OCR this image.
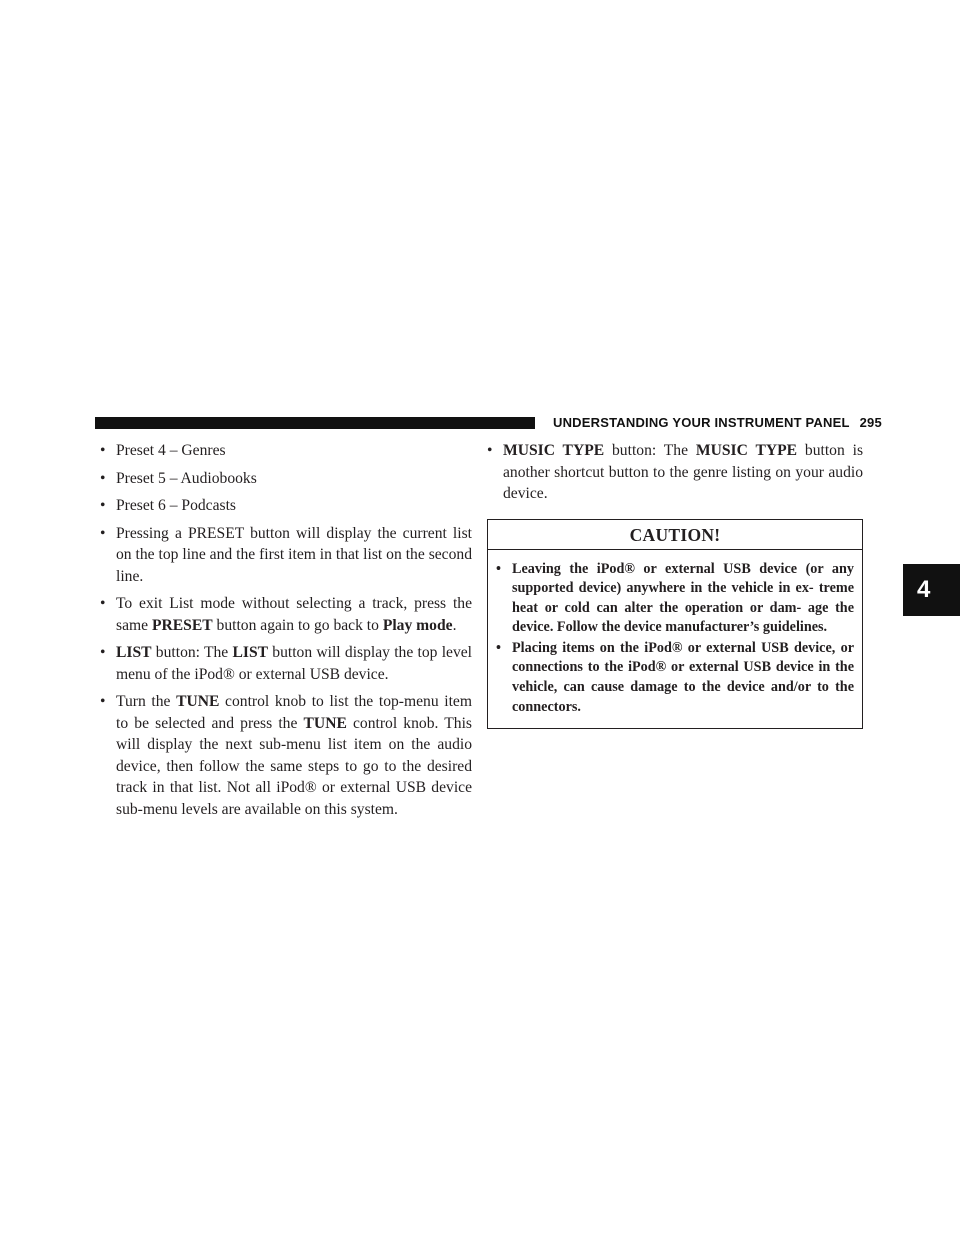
UNDERSTANDING YOUR INSTRUMENT PANEL 295
4
• Preset 4 – Genres
• Preset 5 – Audiobooks
• Preset 6 – Podcasts
• Pressing a PRESET button will display the current list on the top line and the first item in that list on the second line.
• To exit List mode without selecting a track, press the same PRESET button again to go back to Play mode.
• LIST button: The LIST button will display the top level menu of the iPod® or external USB device.
• Turn the TUNE control knob to list the top-menu item to be selected and press the TUNE control knob. This will display the next sub-menu list item on the audio device, then follow the same steps to go to the desired track in that list. Not all iPod® or external USB device sub-menu levels are available on this system.
• MUSIC TYPE button: The MUSIC TYPE button is another shortcut button to the genre listing on your audio device.
CAUTION!
• Leaving the iPod® or external USB device (or any supported device) anywhere in the vehicle in ex- treme heat or cold can alter the operation or dam- age the device. Follow the device manufacturer’s guidelines.
• Placing items on the iPod® or external USB device, or connections to the iPod® or external USB device in the vehicle, can cause damage to the device and/or to the connectors.
